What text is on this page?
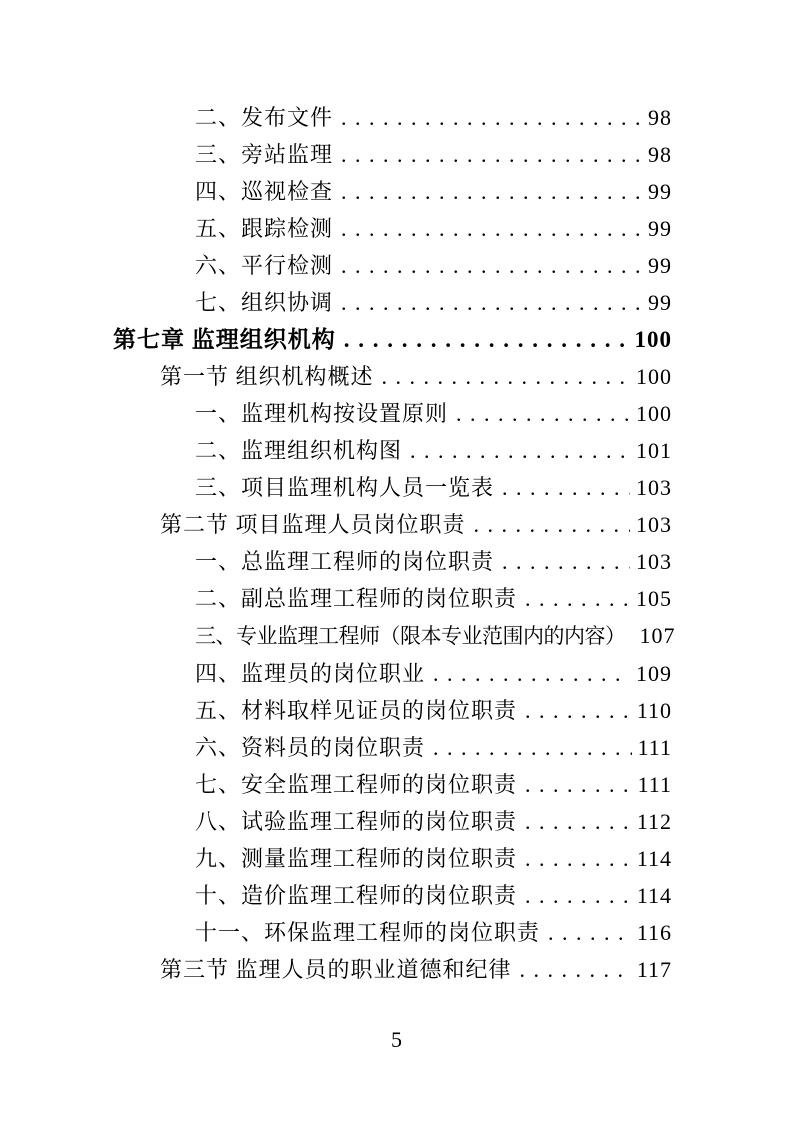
二、发布文件 . . .	98
三、旁站监理 . . .	98
四、巡视检查 . . .	99
五、跟踪检测 . . .	99
六、平行检测 . . .	99
七、组织协调 . . .	99
第七章 监理组织机构 . . .	100
第一节 组织机构概述 . . .	100
一、监理机构按设置原则 . . .	100
二、监理组织机构图 . . .	101
三、项目监理机构人员一览表 . . .	103
第二节 项目监理人员岗位职责 . . .	103
一、总监理工程师的岗位职责 . . .	103
二、副总监理工程师的岗位职责 . . .	105
三、专业监理工程师（限本专业范围内的内容） 107
四、监理员的岗位职业 . . .	109
五、材料取样见证员的岗位职责 . . .	110
六、资料员的岗位职责 . . .	111
七、安全监理工程师的岗位职责 . . .	111
八、试验监理工程师的岗位职责 . . .	112
九、测量监理工程师的岗位职责 . . .	114
十、造价监理工程师的岗位职责 . . .	114
十一、环保监理工程师的岗位职责 . . .	116
第三节 监理人员的职业道德和纪律 . . .	117
5
